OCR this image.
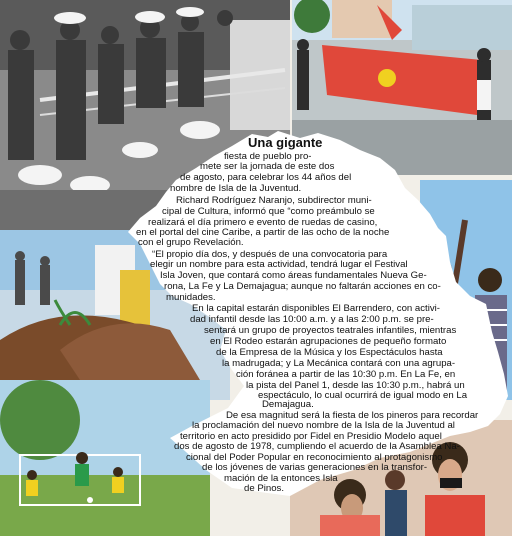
Una gigante
fiesta de pueblo pro-
mete ser la jornada de este dos
de agosto, para celebrar los 44 años del
nombre de Isla de la Juventud.
Richard Rodríguez Naranjo, subdirector muni-
cipal de Cultura, informó que “como preámbulo se
realizará el día primero e evento de ruedas de casino,
en el portal del cine Caribe, a partir de las ocho de la noche
con el grupo Revelación.
“El propio día dos, y después de una convocatoria para
elegir un nombre para esta actividad, tendrá lugar el Festival
Isla Joven, que contará como áreas fundamentales Nueva Ge-
rona, La Fe y La Demajagua; aunque no faltarán acciones en co-
munidades.
En la capital estarán disponibles El Barrendero, con activi-
dad infantil desde las 10:00 a.m. y a las 2:00 p.m. se pre-
sentará un grupo de proyectos teatrales infantiles, mientras
en El Rodeo estarán agrupaciones de pequeño formato
de la Empresa de la Música y los Espectáculos hasta
la madrugada; y La Mecánica contará con una agrupa-
ción foránea a partir de las 10:30 p.m. En La Fe, en
la pista del Panel 1, desde las 10:30 p.m., habrá un
espectáculo, lo cual ocurrirá de igual modo en La
Demajagua.
De esa magnitud será la fiesta de los pineros para recordar
la proclamación del nuevo nombre de la Isla de la Juventud al
territorio en acto presidido por Fidel en Presidio Modelo aquel
dos de agosto de 1978, cumpliendo el acuerdo de la Asamblea Na-
cional del Poder Popular en reconocimiento al protagonismo
de los jóvenes de varias generaciones en la transfor-
mación de la entonces Isla
de Pinos.
